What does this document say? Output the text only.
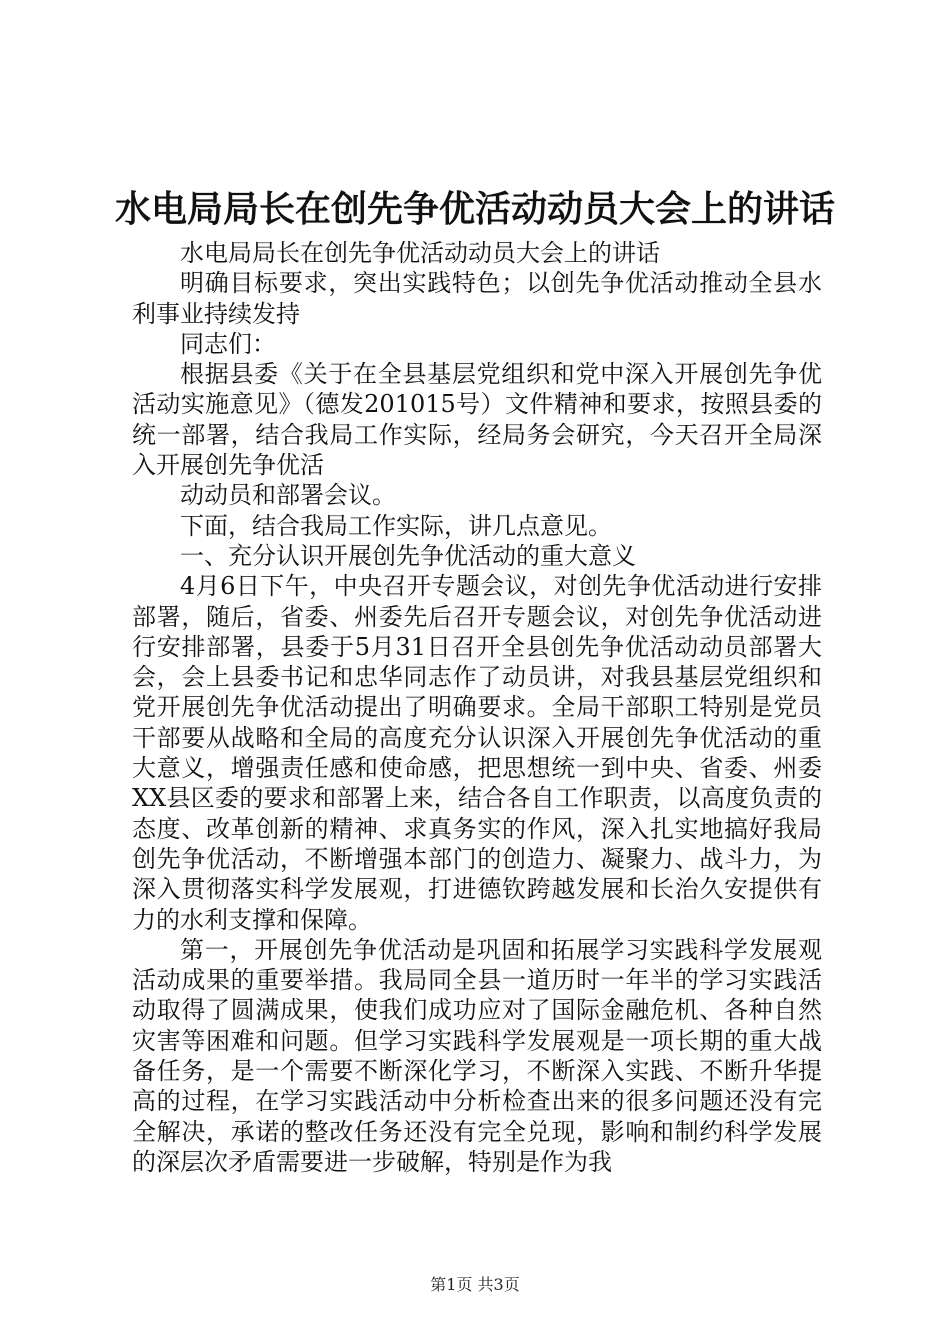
水电局局长在创先争优活动动员大会上的讲话

水电局局长在创先争优活动动员大会上的讲话

明确目标要求，突出实践特色；以创先争优活动推动全县水利事业持续发持

同志们：

根据县委《关于在全县基层党组织和党中深入开展创先争优活动实施意见》（德发201015号）文件精神和要求，按照县委的统一部署，结合我局工作实际，经局务会研究，今天召开全局深入开展创先争优活

动动员和部署会议。

下面，结合我局工作实际，讲几点意见。

一、充分认识开展创先争优活动的重大意义

4月6日下午，中央召开专题会议，对创先争优活动进行安排部署，随后，省委、州委先后召开专题会议，对创先争优活动进行安排部署，县委于5月31日召开全县创先争优活动动员部署大会，会上县委书记和忠华同志作了动员讲，对我县基层党组织和党开展创先争优活动提出了明确要求。全局干部职工特别是党员干部要从战略和全局的高度充分认识深入开展创先争优活动的重大意义，增强责任感和使命感，把思想统一到中央、省委、州委XX县区委的要求和部署上来，结合各自工作职责，以高度负责的态度、改革创新的精神、求真务实的作风，深入扎实地搞好我局创先争优活动，不断增强本部门的创造力、凝聚力、战斗力，为深入贯彻落实科学发展观，打进德钦跨越发展和长治久安提供有力的水利支撑和保障。

第一，开展创先争优活动是巩固和拓展学习实践科学发展观活动成果的重要举措。我局同全县一道历时一年半的学习实践活动取得了圆满成果，使我们成功应对了国际金融危机、各种自然灾害等困难和问题。但学习实践科学发展观是一项长期的重大战备任务，是一个需要不断深化学习，不断深入实践、不断升华提高的过程，在学习实践活动中分析检查出来的很多问题还没有完全解决，承诺的整改任务还没有完全兑现，影响和制约科学发展的深层次矛盾需要进一步破解，特别是作为我

第1页 共3页
